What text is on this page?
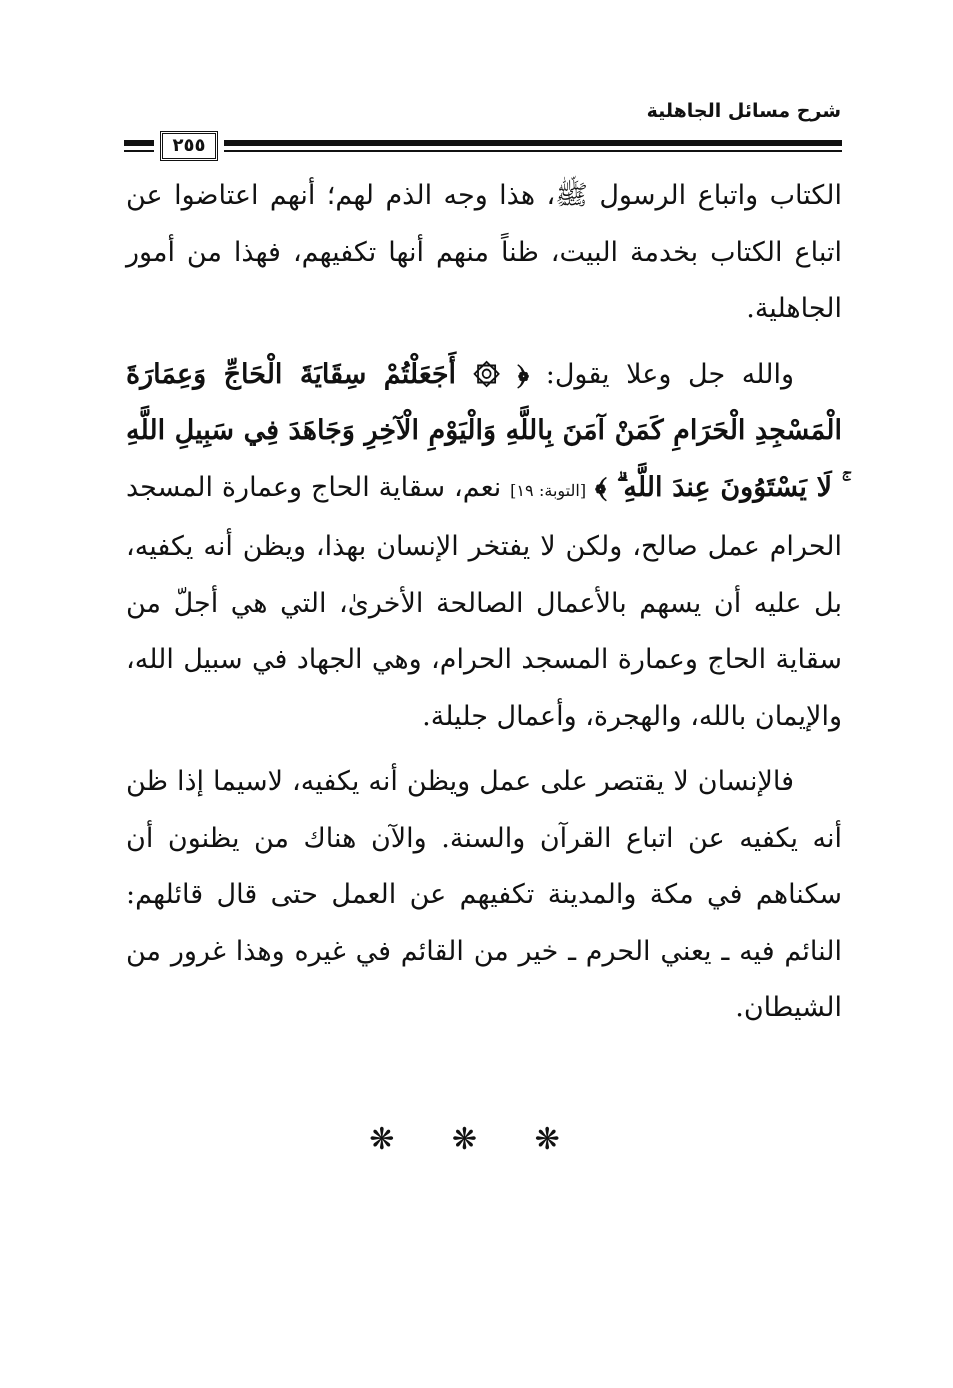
شرح مسائل الجاهلية
٢٥٥

الكتاب واتباع الرسول ﷺ، هذا وجه الذم لهم؛ أنهم اعتاضوا عن اتباع الكتاب بخدمة البيت، ظناً منهم أنها تكفيهم، فهذا من أمور الجاهلية.

والله جل وعلا يقول: ﴿ ۞ أَجَعَلْتُمْ سِقَايَةَ الْحَاجِّ وَعِمَارَةَ الْمَسْجِدِ الْحَرَامِ كَمَنْ آمَنَ بِاللَّهِ وَالْيَوْمِ الْآخِرِ وَجَاهَدَ فِي سَبِيلِ اللَّهِ ۚ لَا يَسْتَوُونَ عِندَ اللَّهِ ۗ ﴾ [التوبة: ١٩] نعم، سقاية الحاج وعمارة المسجد الحرام عمل صالح، ولكن لا يفتخر الإنسان بهذا، ويظن أنه يكفيه، بل عليه أن يسهم بالأعمال الصالحة الأخرىٰ، التي هي أجلّ من سقاية الحاج وعمارة المسجد الحرام، وهي الجهاد في سبيل الله، والإيمان بالله، والهجرة، وأعمال جليلة.

فالإنسان لا يقتصر على عمل ويظن أنه يكفيه، لاسيما إذا ظن أنه يكفيه عن اتباع القرآن والسنة. والآن هناك من يظنون أن سكناهم في مكة والمدينة تكفيهم عن العمل حتى قال قائلهم: النائم فيه ـ يعني الحرم ـ خير من القائم في غيره وهذا غرور من الشيطان.

❋ ❋ ❋
